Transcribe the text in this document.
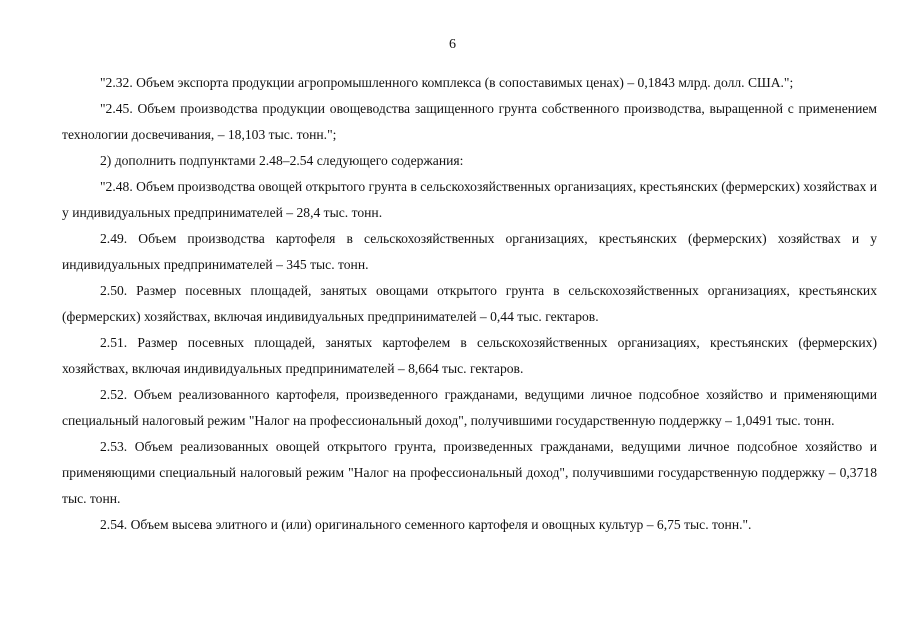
6

"2.32. Объем экспорта продукции агропромышленного комплекса (в сопоставимых ценах) – 0,1843 млрд. долл. США.";

"2.45. Объем производства продукции овощеводства защищенного грунта собственного производства, выращенной с применением технологии досвечивания, – 18,103 тыс. тонн.";

2) дополнить подпунктами 2.48–2.54 следующего содержания:

"2.48. Объем производства овощей открытого грунта в сельскохозяйственных организациях, крестьянских (фермерских) хозяйствах и у индивидуальных предпринимателей – 28,4 тыс. тонн.

2.49. Объем производства картофеля в сельскохозяйственных организациях, крестьянских (фермерских) хозяйствах и у индивидуальных предпринимателей – 345 тыс. тонн.

2.50. Размер посевных площадей, занятых овощами открытого грунта в сельскохозяйственных организациях, крестьянских (фермерских) хозяйствах, включая индивидуальных предпринимателей – 0,44 тыс. гектаров.

2.51. Размер посевных площадей, занятых картофелем в сельскохозяйственных организациях, крестьянских (фермерских) хозяйствах, включая индивидуальных предпринимателей – 8,664 тыс. гектаров.

2.52. Объем реализованного картофеля, произведенного гражданами, ведущими личное подсобное хозяйство и применяющими специальный налоговый режим "Налог на профессиональный доход", получившими государственную поддержку – 1,0491 тыс. тонн.

2.53. Объем реализованных овощей открытого грунта, произведенных гражданами, ведущими личное подсобное хозяйство и применяющими специальный налоговый режим "Налог на профессиональный доход", получившими государственную поддержку – 0,3718 тыс. тонн.

2.54. Объем высева элитного и (или) оригинального семенного картофеля и овощных культур – 6,75 тыс. тонн.".
